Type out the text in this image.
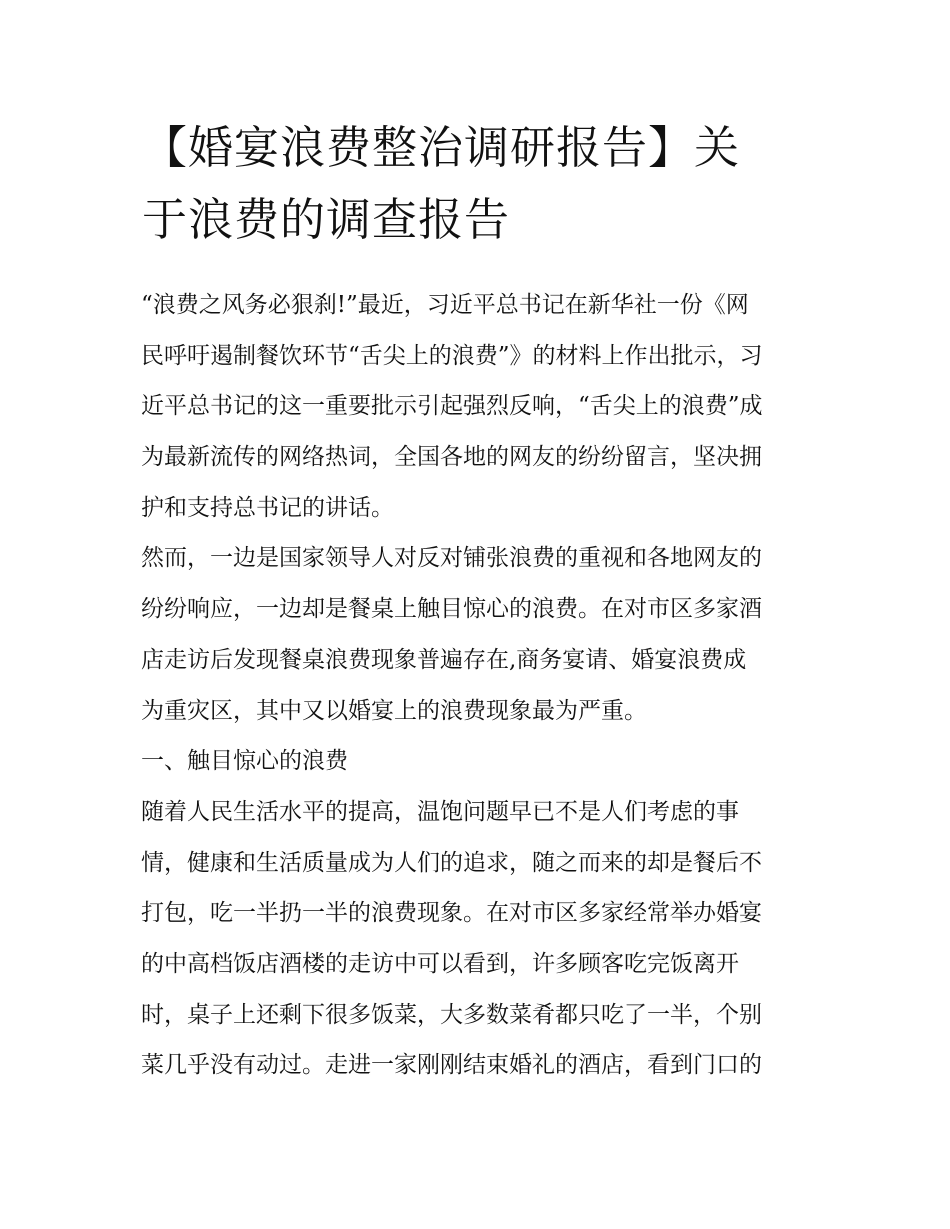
【婚宴浪费整治调研报告】关
于浪费的调查报告
“浪费之风务必狠刹!”最近，习近平总书记在新华社一份《网
民呼吁遏制餐饮环节“舌尖上的浪费”》的材料上作出批示，习
近平总书记的这一重要批示引起强烈反响，“舌尖上的浪费”成
为最新流传的网络热词，全国各地的网友的纷纷留言，坚决拥
护和支持总书记的讲话。
然而，一边是国家领导人对反对铺张浪费的重视和各地网友的
纷纷响应，一边却是餐桌上触目惊心的浪费。在对市区多家酒
店走访后发现餐桌浪费现象普遍存在,商务宴请、婚宴浪费成
为重灾区，其中又以婚宴上的浪费现象最为严重。
一、触目惊心的浪费
随着人民生活水平的提高，温饱问题早已不是人们考虑的事
情，健康和生活质量成为人们的追求，随之而来的却是餐后不
打包，吃一半扔一半的浪费现象。在对市区多家经常举办婚宴
的中高档饭店酒楼的走访中可以看到，许多顾客吃完饭离开
时，桌子上还剩下很多饭菜，大多数菜肴都只吃了一半，个别
菜几乎没有动过。走进一家刚刚结束婚礼的酒店，看到门口的
